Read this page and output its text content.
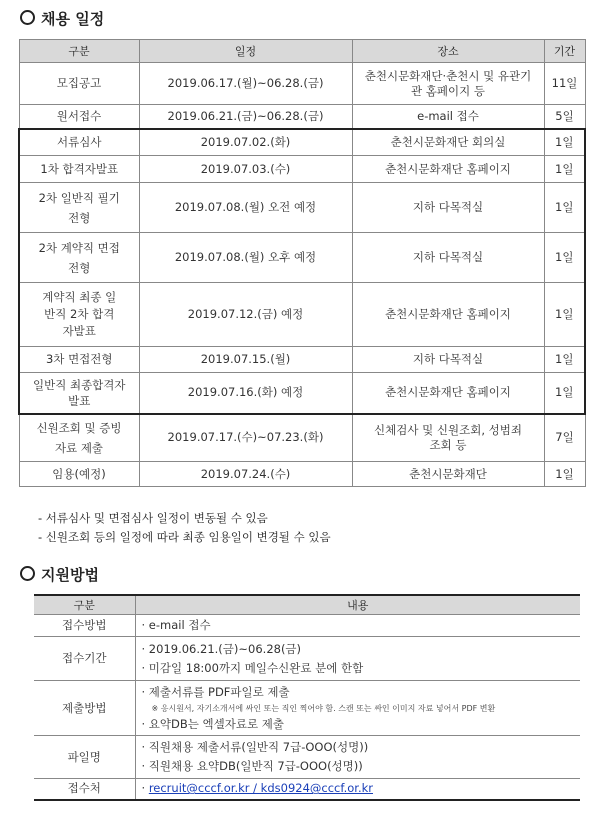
채용 일정
구분	일정	장소	기간
모집공고	2019.06.17.(월)~06.28.(금)	춘천시문화재단·춘천시 및 유관기관 홈페이지 등	11일
원서접수	2019.06.21.(금)~06.28.(금)	e-mail 접수	5일
서류심사	2019.07.02.(화)	춘천시문화재단 회의실	1일
1차 합격자발표	2019.07.03.(수)	춘천시문화재단 홈페이지	1일
2차 일반직 필기전형	2019.07.08.(월) 오전 예정	지하 다목적실	1일
2차 계약직 면접전형	2019.07.08.(월) 오후 예정	지하 다목적실	1일
계약직 최종 일반직 2차 합격자발표	2019.07.12.(금) 예정	춘천시문화재단 홈페이지	1일
3차 면접전형	2019.07.15.(월)	지하 다목적실	1일
일반직 최종합격자발표	2019.07.16.(화) 예정	춘천시문화재단 홈페이지	1일
신원조회 및 증빙자료 제출	2019.07.17.(수)~07.23.(화)	신체검사 및 신원조회, 성범죄조회 등	7일
임용(예정)	2019.07.24.(수)	춘천시문화재단	1일
- 서류심사 및 면접심사 일정이 변동될 수 있음
- 신원조회 등의 일정에 따라 최종 임용일이 변경될 수 있음
지원방법
구분	내용
접수방법	· e-mail 접수
접수기간	· 2019.06.21.(금)~06.28(금)
· 미감일 18:00까지 메일수신완료 분에 한함

제출방법	· 제출서류를 PDF파일로 제출
※ 응시원서, 자기소개서에 싸인 또는 직인 찍어야 함. 스캔 또는 싸인 이미지 자료 넣어서 PDF 변환
· 요약DB는 엑셀자료로 제출

파일명	· 직원채용 제출서류(일반직 7급-OOO(성명))
· 직원채용 요약DB(일반직 7급-OOO(성명))

접수처	· recruit@cccf.or.kr / kds0924@cccf.or.kr
